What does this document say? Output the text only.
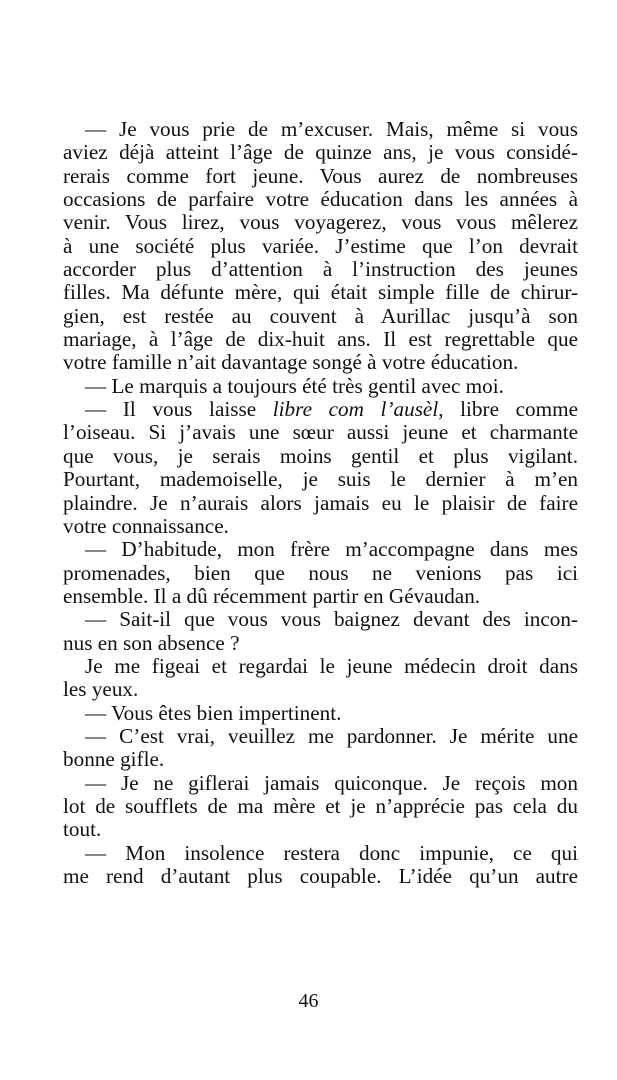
— Je vous prie de m’excuser. Mais, même si vous
aviez déjà atteint l’âge de quinze ans, je vous considé-
rerais comme fort jeune. Vous aurez de nombreuses
occasions de parfaire votre éducation dans les années à
venir. Vous lirez, vous voyagerez, vous vous mêlerez
à une société plus variée. J’estime que l’on devrait
accorder plus d’attention à l’instruction des jeunes
filles. Ma défunte mère, qui était simple fille de chirur-
gien, est restée au couvent à Aurillac jusqu’à son
mariage, à l’âge de dix-huit ans. Il est regrettable que
votre famille n’ait davantage songé à votre éducation.
— Le marquis a toujours été très gentil avec moi.
— Il vous laisse libre com l’ausèl, libre comme
l’oiseau. Si j’avais une sœur aussi jeune et charmante
que vous, je serais moins gentil et plus vigilant.
Pourtant, mademoiselle, je suis le dernier à m’en
plaindre. Je n’aurais alors jamais eu le plaisir de faire
votre connaissance.
— D’habitude, mon frère m’accompagne dans mes
promenades, bien que nous ne venions pas ici
ensemble. Il a dû récemment partir en Gévaudan.
— Sait-il que vous vous baignez devant des incon-
nus en son absence ?
Je me figeai et regardai le jeune médecin droit dans
les yeux.
— Vous êtes bien impertinent.
— C’est vrai, veuillez me pardonner. Je mérite une
bonne gifle.
— Je ne giflerai jamais quiconque. Je reçois mon
lot de soufflets de ma mère et je n’apprécie pas cela du
tout.
— Mon insolence restera donc impunie, ce qui
me rend d’autant plus coupable. L’idée qu’un autre
46
